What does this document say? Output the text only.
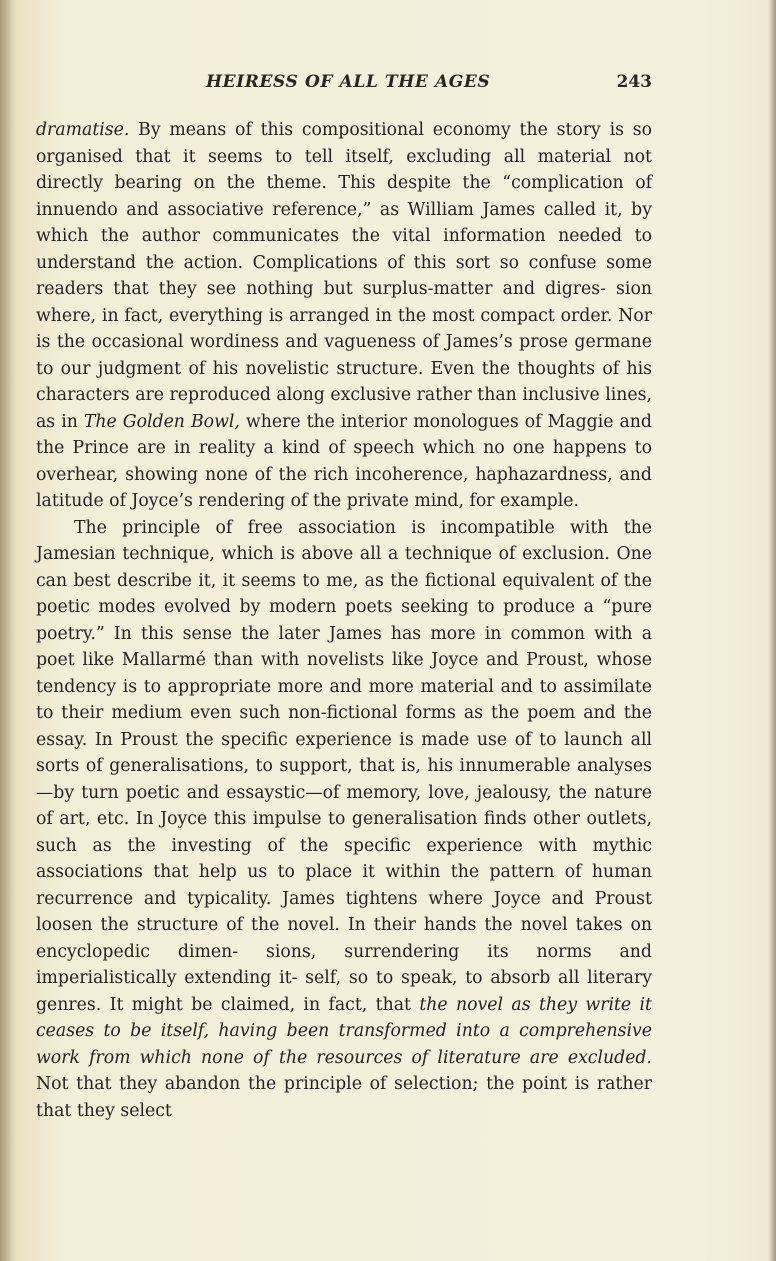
HEIRESS OF ALL THE AGES	243

dramatise. By means of this compositional economy the story is so organised that it seems to tell itself, excluding all material not directly bearing on the theme. This despite the “complication of innuendo and associative reference,” as William James called it, by which the author communicates the vital information needed to understand the action. Complications of this sort so confuse some readers that they see nothing but surplus-matter and digres- sion where, in fact, everything is arranged in the most compact order. Nor is the occasional wordiness and vagueness of James’s prose germane to our judgment of his novelistic structure. Even the thoughts of his characters are reproduced along exclusive rather than inclusive lines, as in The Golden Bowl, where the interior monologues of Maggie and the Prince are in reality a kind of speech which no one happens to overhear, showing none of the rich incoherence, haphazardness, and latitude of Joyce’s rendering of the private mind, for example.

The principle of free association is incompatible with the Jamesian technique, which is above all a technique of exclusion. One can best describe it, it seems to me, as the fictional equivalent of the poetic modes evolved by modern poets seeking to produce a “pure poetry.” In this sense the later James has more in common with a poet like Mallarmé than with novelists like Joyce and Proust, whose tendency is to appropriate more and more material and to assimilate to their medium even such non-fictional forms as the poem and the essay. In Proust the specific experience is made use of to launch all sorts of generalisations, to support, that is, his innumerable analyses—by turn poetic and essaystic—of memory, love, jealousy, the nature of art, etc. In Joyce this impulse to generalisation finds other outlets, such as the investing of the specific experience with mythic associations that help us to place it within the pattern of human recurrence and typicality. James tightens where Joyce and Proust loosen the structure of the novel. In their hands the novel takes on encyclopedic dimen- sions, surrendering its norms and imperialistically extending it- self, so to speak, to absorb all literary genres. It might be claimed, in fact, that the novel as they write it ceases to be itself, having been transformed into a comprehensive work from which none of the resources of literature are excluded. Not that they abandon the principle of selection; the point is rather that they select
